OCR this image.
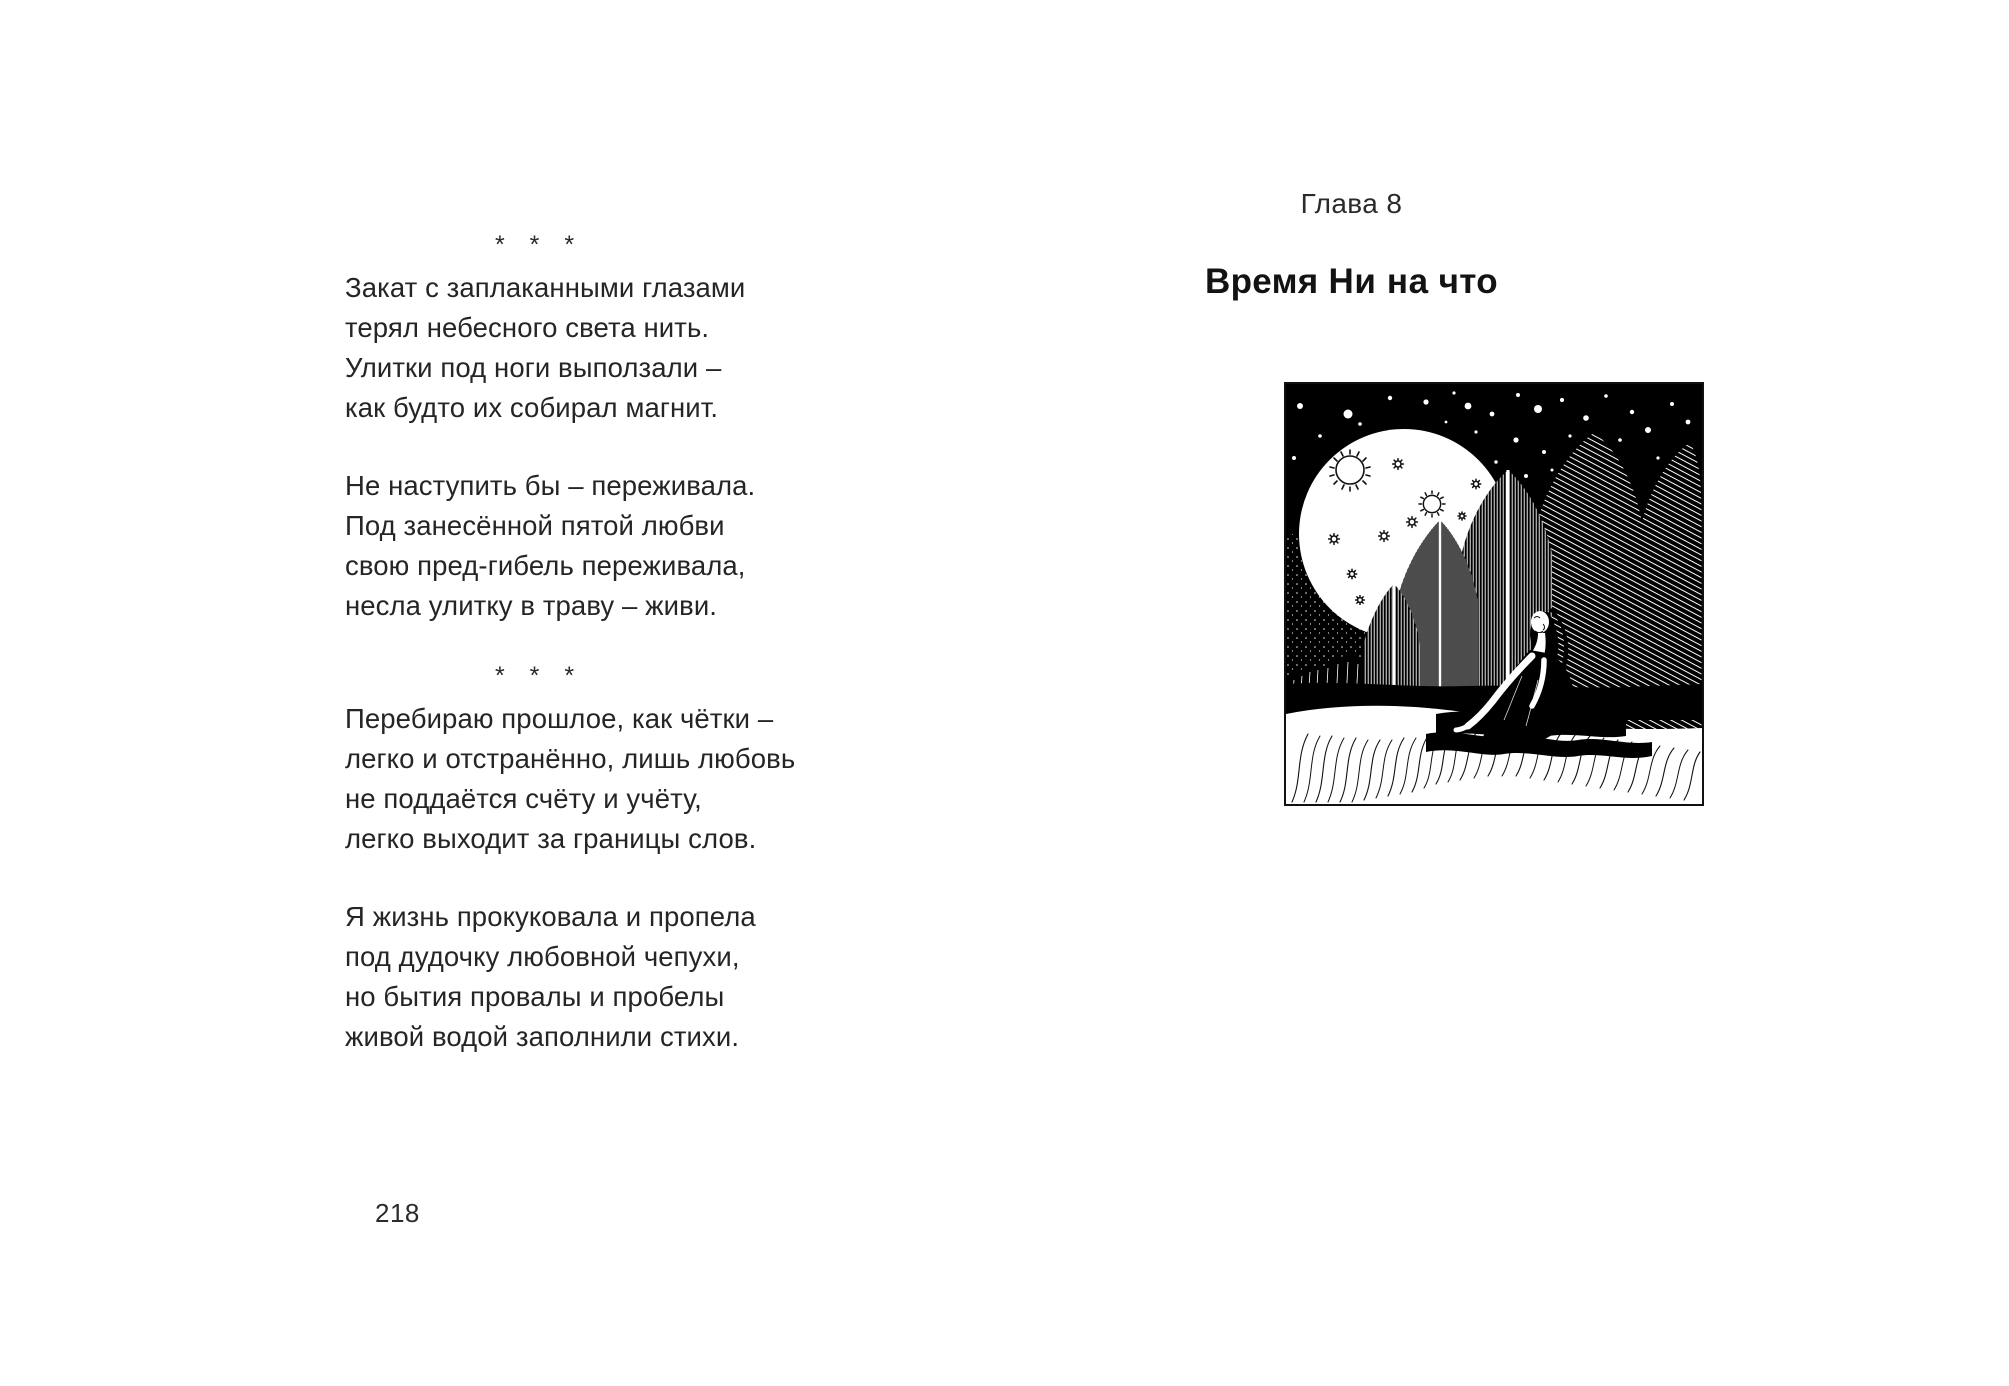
* * *
Закат с заплаканными глазами
терял небесного света нить.
Улитки под ноги выползали –
как будто их собирал магнит.
Не наступить бы – переживала.
Под занесённой пятой любви
свою пред-гибель переживала,
несла улитку в траву – живи.
* * *
Перебираю прошлое, как чётки –
легко и отстранённо, лишь любовь
не поддаётся счёту и учёту,
легко выходит за границы слов.
Я жизнь прокуковала и пропела
под дудочку любовной чепухи,
но бытия провалы и пробелы
живой водой заполнили стихи.
218
Глава 8
Время Ни на что
